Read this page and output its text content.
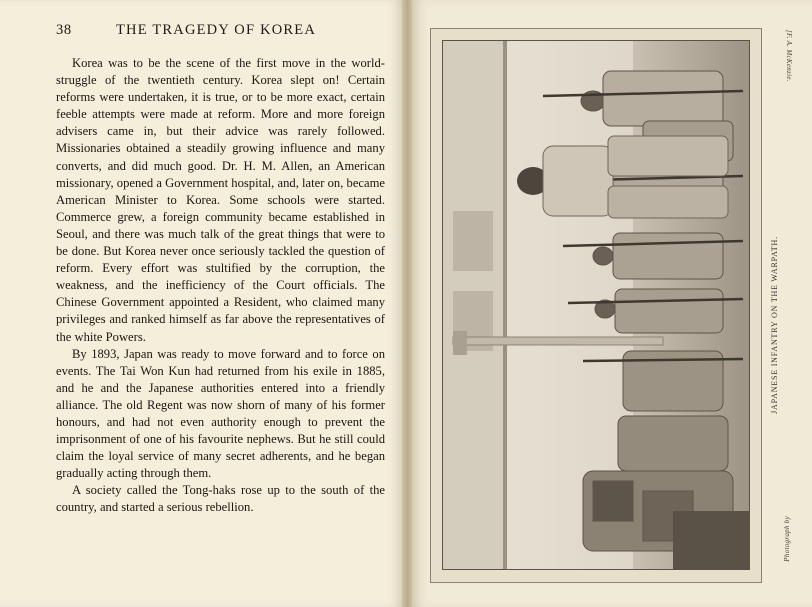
38	THE TRAGEDY OF KOREA

Korea was to be the scene of the first move in the world-struggle of the twentieth century. Korea slept on! Certain reforms were undertaken, it is true, or to be more exact, certain feeble attempts were made at reform. More and more foreign advisers came in, but their advice was rarely followed. Missionaries obtained a steadily growing influence and many converts, and did much good. Dr. H. M. Allen, an American missionary, opened a Government hospital, and, later on, became American Minister to Korea. Some schools were started. Commerce grew, a foreign community became established in Seoul, and there was much talk of the great things that were to be done. But Korea never once seriously tackled the question of reform. Every effort was stultified by the corruption, the weakness, and the inefficiency of the Court officials. The Chinese Government appointed a Resident, who claimed many privileges and ranked himself as far above the representatives of the white Powers.

By 1893, Japan was ready to move forward and to force on events. The Tai Won Kun had returned from his exile in 1885, and he and the Japanese authorities entered into a friendly alliance. The old Regent was now shorn of many of his former honours, and had not even authority enough to prevent the imprisonment of one of his favourite nephews. But he still could claim the loyal service of many secret adherents, and he began gradually acting through them.

A society called the Tong-haks rose up to the south of the country, and started a serious rebellion.

[F. A. McKenzie.
JAPANESE INFANTRY ON THE WARPATH.
Photograph by
